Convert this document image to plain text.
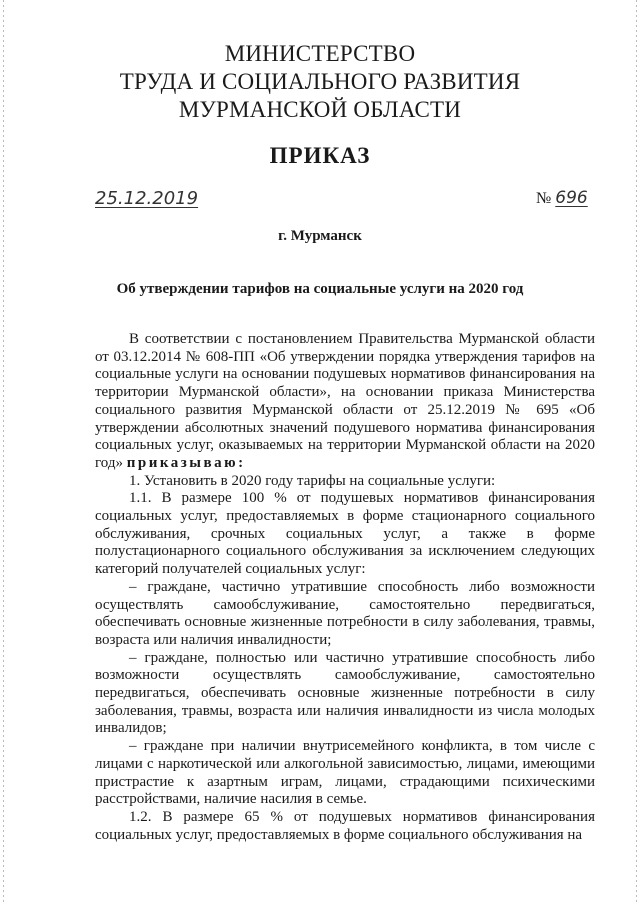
МИНИСТЕРСТВО
ТРУДА И СОЦИАЛЬНОГО РАЗВИТИЯ
МУРМАНСКОЙ ОБЛАСТИ
ПРИКАЗ
25.12.2019	№ 696
г. Мурманск
Об утверждении тарифов на социальные услуги на 2020 год

В соответствии с постановлением Правительства Мурманской области от 03.12.2014 № 608-ПП «Об утверждении порядка утверждения тарифов на социальные услуги на основании подушевых нормативов финансирования на территории Мурманской области», на основании приказа Министерства социального развития Мурманской области от 25.12.2019 № 695 «Об утверждении абсолютных значений подушевого норматива финансирования социальных услуг, оказываемых на территории Мурманской области на 2020 год» приказываю:

1. Установить в 2020 году тарифы на социальные услуги:

1.1. В размере 100 % от подушевых нормативов финансирования социальных услуг, предоставляемых в форме стационарного социального обслуживания, срочных социальных услуг, а также в форме полустационарного социального обслуживания за исключением следующих категорий получателей социальных услуг:

– граждане, частично утратившие способность либо возможности осуществлять самообслуживание, самостоятельно передвигаться, обеспечивать основные жизненные потребности в силу заболевания, травмы, возраста или наличия инвалидности;

– граждане, полностью или частично утратившие способность либо возможности осуществлять самообслуживание, самостоятельно передвигаться, обеспечивать основные жизненные потребности в силу заболевания, травмы, возраста или наличия инвалидности из числа молодых инвалидов;

– граждане при наличии внутрисемейного конфликта, в том числе с лицами с наркотической или алкогольной зависимостью, лицами, имеющими пристрастие к азартным играм, лицами, страдающими психическими расстройствами, наличие насилия в семье.

1.2. В размере 65 % от подушевых нормативов финансирования социальных услуг, предоставляемых в форме социального обслуживания на
